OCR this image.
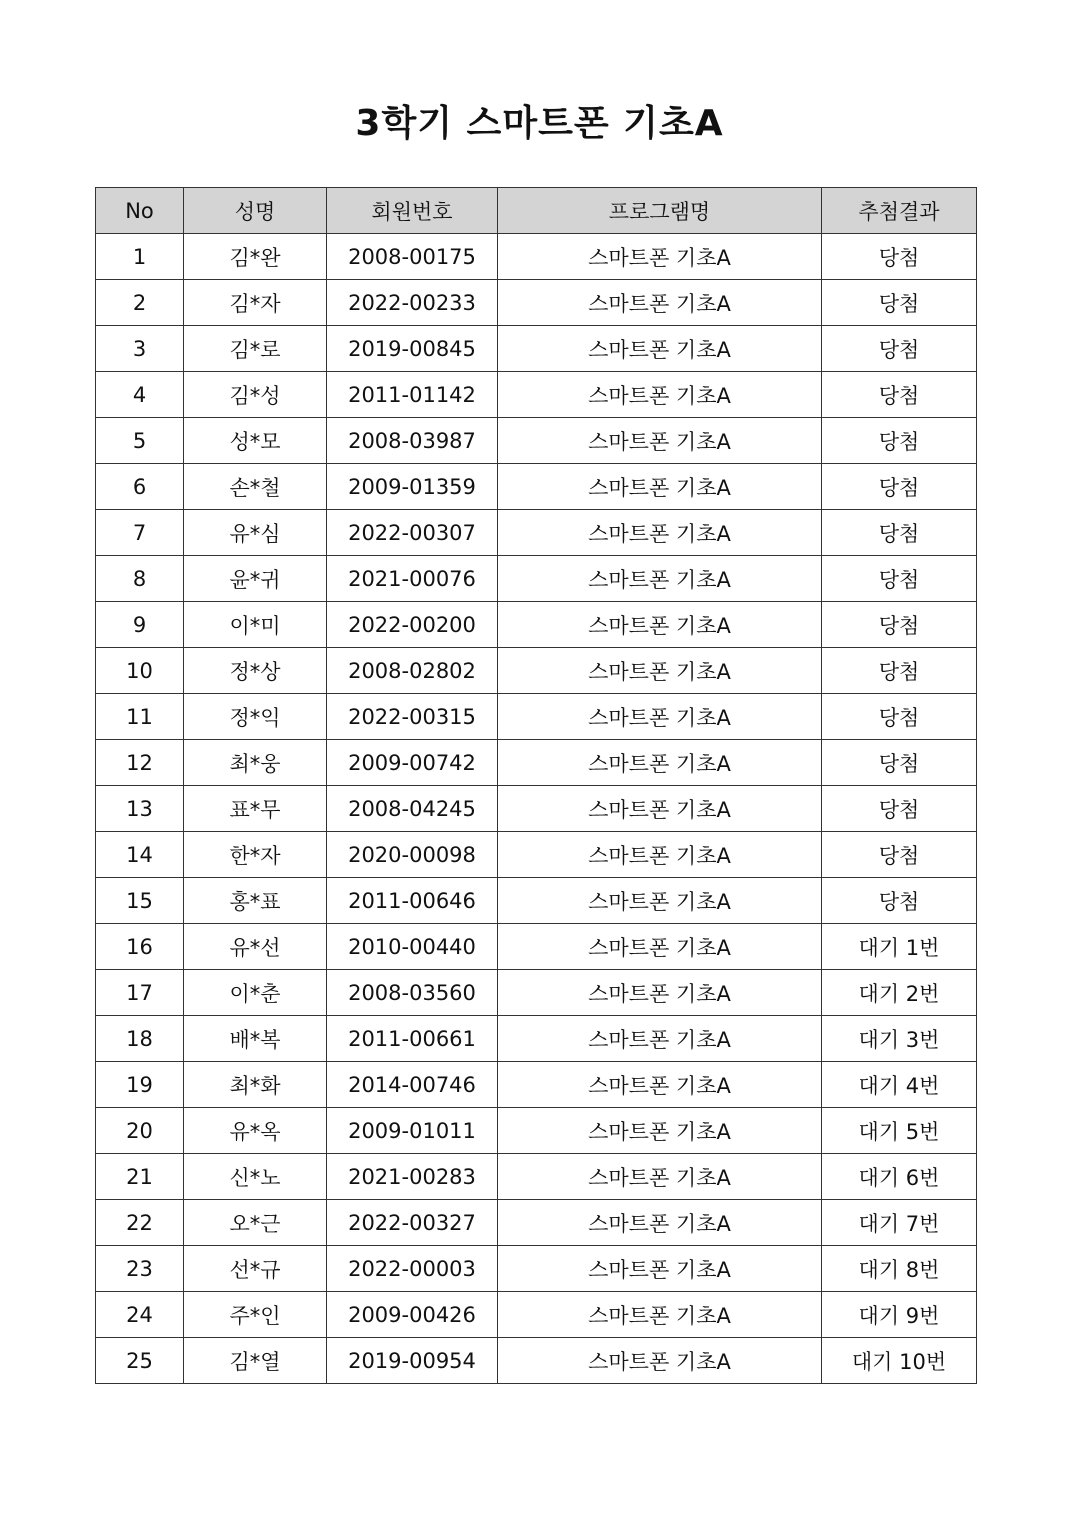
3학기 스마트폰 기초A
No	성명	회원번호	프로그램명	추첨결과
1	김*완	2008-00175	스마트폰 기초A	당첨
2	김*자	2022-00233	스마트폰 기초A	당첨
3	김*로	2019-00845	스마트폰 기초A	당첨
4	김*성	2011-01142	스마트폰 기초A	당첨
5	성*모	2008-03987	스마트폰 기초A	당첨
6	손*철	2009-01359	스마트폰 기초A	당첨
7	유*심	2022-00307	스마트폰 기초A	당첨
8	윤*귀	2021-00076	스마트폰 기초A	당첨
9	이*미	2022-00200	스마트폰 기초A	당첨
10	정*상	2008-02802	스마트폰 기초A	당첨
11	정*익	2022-00315	스마트폰 기초A	당첨
12	최*웅	2009-00742	스마트폰 기초A	당첨
13	표*무	2008-04245	스마트폰 기초A	당첨
14	한*자	2020-00098	스마트폰 기초A	당첨
15	홍*표	2011-00646	스마트폰 기초A	당첨
16	유*선	2010-00440	스마트폰 기초A	대기 1번
17	이*춘	2008-03560	스마트폰 기초A	대기 2번
18	배*복	2011-00661	스마트폰 기초A	대기 3번
19	최*화	2014-00746	스마트폰 기초A	대기 4번
20	유*옥	2009-01011	스마트폰 기초A	대기 5번
21	신*노	2021-00283	스마트폰 기초A	대기 6번
22	오*근	2022-00327	스마트폰 기초A	대기 7번
23	선*규	2022-00003	스마트폰 기초A	대기 8번
24	주*인	2009-00426	스마트폰 기초A	대기 9번
25	김*열	2019-00954	스마트폰 기초A	대기 10번
